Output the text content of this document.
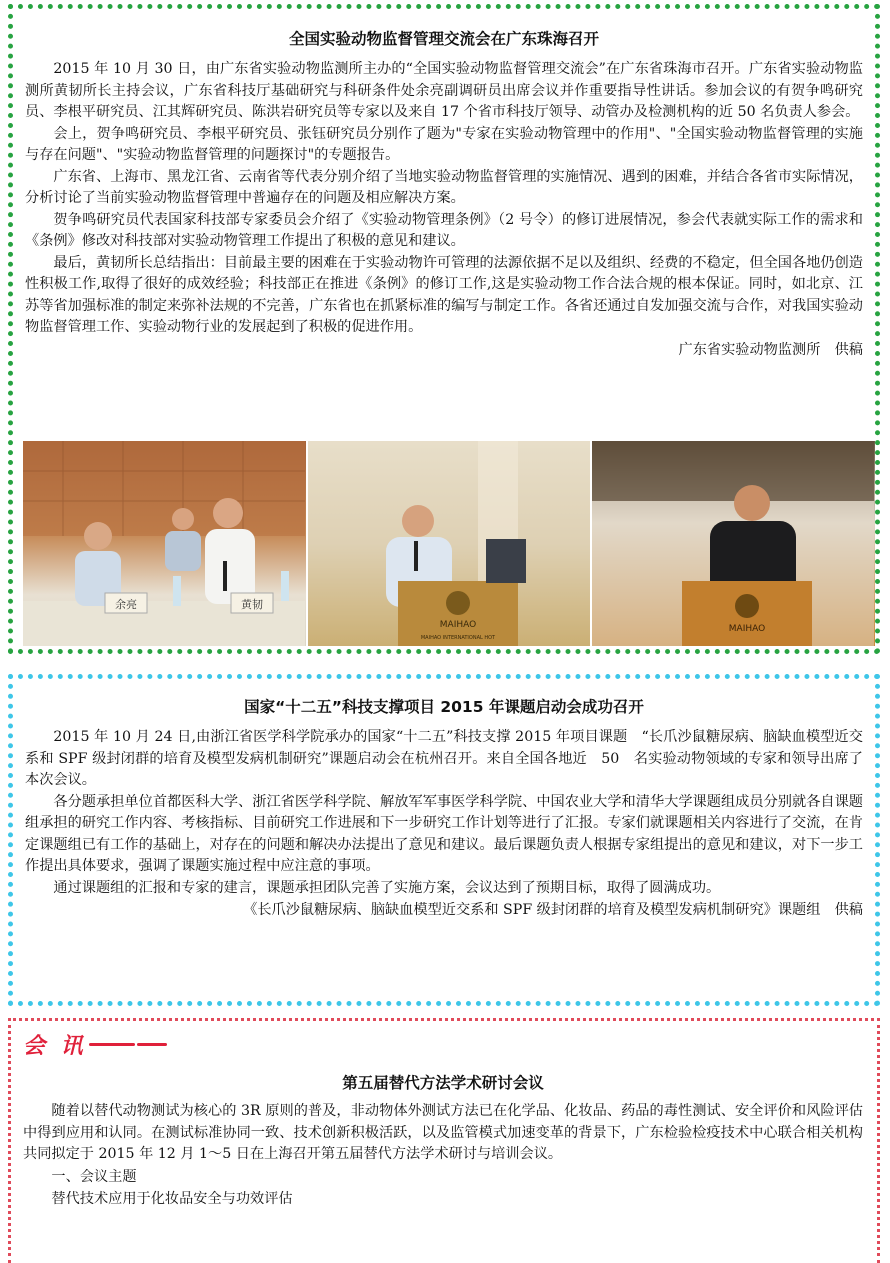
全国实验动物监督管理交流会在广东珠海召开

2015 年 10 月 30 日，由广东省实验动物监测所主办的“全国实验动物监督管理交流会”在广东省珠海市召开。广东省实验动物监测所黄韧所长主持会议，广东省科技厅基础研究与科研条件处余亮副调研员出席会议并作重要指导性讲话。参加会议的有贺争鸣研究员、李根平研究员、江其辉研究员、陈洪岩研究员等专家以及来自 17 个省市科技厅领导、动管办及检测机构的近 50 名负责人参会。

会上，贺争鸣研究员、李根平研究员、张钰研究员分别作了题为"专家在实验动物管理中的作用"、"全国实验动物监督管理的实施与存在问题"、"实验动物监督管理的问题探讨"的专题报告。

广东省、上海市、黑龙江省、云南省等代表分别介绍了当地实验动物监督管理的实施情况、遇到的困难，并结合各省市实际情况，分析讨论了当前实验动物监督管理中普遍存在的问题及相应解决方案。

贺争鸣研究员代表国家科技部专家委员会介绍了《实验动物管理条例》（2 号令）的修订进展情况，参会代表就实际工作的需求和《条例》修改对科技部对实验动物管理工作提出了积极的意见和建议。

最后，黄韧所长总结指出：目前最主要的困难在于实验动物许可管理的法源依据不足以及组织、经费的不稳定，但全国各地仍创造性积极工作,取得了很好的成效经验；科技部正在推进《条例》的修订工作,这是实验动物工作合法合规的根本保证。同时，如北京、江苏等省加强标准的制定来弥补法规的不完善，广东省也在抓紧标准的编写与制定工作。各省还通过自发加强交流与合作，对我国实验动物监督管理工作、实验动物行业的发展起到了积极的促进作用。

广东省实验动物监测所　供稿

余亮	黄韧
MAIHAO
MAIHAO INTERNATIONAL HOT
MAIHAO
国家“十二五”科技支撑项目 2015 年课题启动会成功召开

2015 年 10 月 24 日,由浙江省医学科学院承办的国家“十二五”科技支撑 2015 年项目课题　“长爪沙鼠糖尿病、脑缺血模型近交系和 SPF 级封闭群的培育及模型发病机制研究”课题启动会在杭州召开。来自全国各地近　50　名实验动物领域的专家和领导出席了本次会议。

各分题承担单位首都医科大学、浙江省医学科学院、解放军军事医学科学院、中国农业大学和清华大学课题组成员分别就各自课题组承担的研究工作内容、考核指标、目前研究工作进展和下一步研究工作计划等进行了汇报。专家们就课题相关内容进行了交流，在肯定课题组已有工作的基础上，对存在的问题和解决办法提出了意见和建议。最后课题负责人根据专家组提出的意见和建议，对下一步工作提出具体要求，强调了课题实施过程中应注意的事项。

通过课题组的汇报和专家的建言，课题承担团队完善了实施方案，会议达到了预期目标，取得了圆满成功。

《长爪沙鼠糖尿病、脑缺血模型近交系和 SPF 级封闭群的培育及模型发病机制研究》课题组　供稿

会 讯
第五届替代方法学术研讨会议

随着以替代动物测试为核心的 3R 原则的普及，非动物体外测试方法已在化学品、化妆品、药品的毒性测试、安全评价和风险评估中得到应用和认同。在测试标准协同一致、技术创新积极活跃，以及监管模式加速变革的背景下，广东检验检疫技术中心联合相关机构共同拟定于 2015 年 12 月 1～5 日在上海召开第五届替代方法学术研讨与培训会议。

一、会议主题

替代技术应用于化妆品安全与功效评估
